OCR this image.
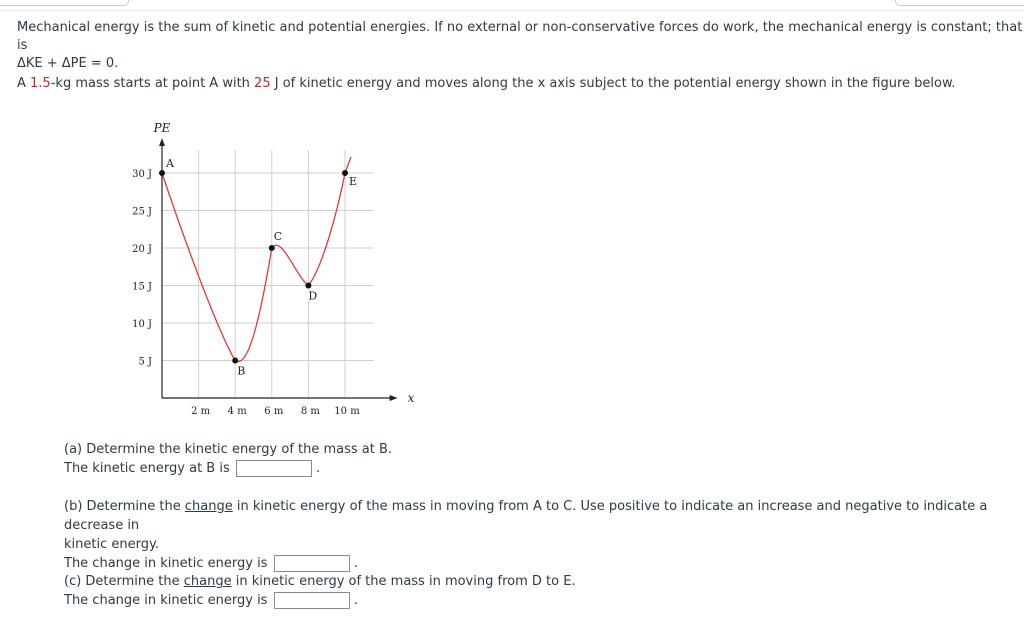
Mechanical energy is the sum of kinetic and potential energies. If no external or non-conservative forces do work, the mechanical energy is constant; that is
ΔKE + ΔPE = 0.
A 1.5-kg mass starts at point A with 25 J of kinetic energy and moves along the x axis subject to the potential energy shown in the figure below.
30 J
25 J
20 J
15 J
10 J
5 J
2 m 4 m 6 m 8 m 10 m
A
B
C
D
E
PE
x
(a) Determine the kinetic energy of the mass at B.
The kinetic energy at B is	.
(b) Determine the change in kinetic energy of the mass in moving from A to C. Use positive to indicate an increase and negative to indicate a decrease in
kinetic energy.
The change in kinetic energy is	.
(c) Determine the change in kinetic energy of the mass in moving from D to E.
The change in kinetic energy is	.
